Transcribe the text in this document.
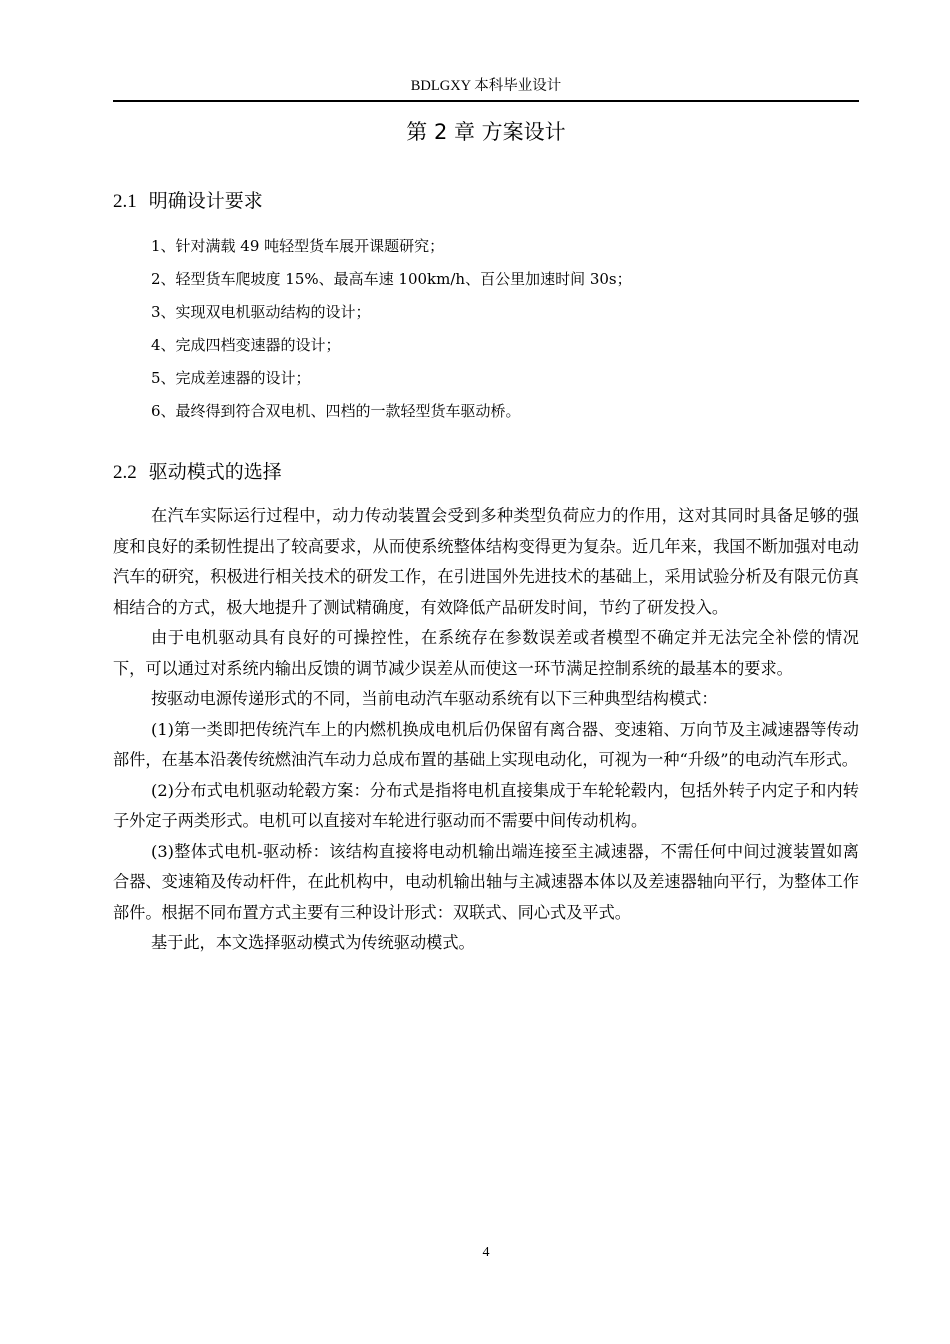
BDLGXY 本科毕业设计
第 2 章 方案设计
2.1 明确设计要求
1、针对满载 49 吨轻型货车展开课题研究；
2、轻型货车爬坡度 15%、最高车速 100km/h、百公里加速时间 30s；
3、实现双电机驱动结构的设计；
4、完成四档变速器的设计；
5、完成差速器的设计；
6、最终得到符合双电机、四档的一款轻型货车驱动桥。
2.2 驱动模式的选择

在汽车实际运行过程中，动力传动装置会受到多种类型负荷应力的作用，这对其同时具备足够的强度和良好的柔韧性提出了较高要求，从而使系统整体结构变得更为复杂。近几年来，我国不断加强对电动汽车的研究，积极进行相关技术的研发工作，在引进国外先进技术的基础上，采用试验分析及有限元仿真相结合的方式，极大地提升了测试精确度，有效降低产品研发时间，节约了研发投入。

由于电机驱动具有良好的可操控性，在系统存在参数误差或者模型不确定并无法完全补偿的情况下，可以通过对系统内输出反馈的调节减少误差从而使这一环节满足控制系统的最基本的要求。

按驱动电源传递形式的不同，当前电动汽车驱动系统有以下三种典型结构模式：

(1)第一类即把传统汽车上的内燃机换成电机后仍保留有离合器、变速箱、万向节及主减速器等传动部件，在基本沿袭传统燃油汽车动力总成布置的基础上实现电动化，可视为一种“升级”的电动汽车形式。

(2)分布式电机驱动轮毂方案：分布式是指将电机直接集成于车轮轮毂内，包括外转子内定子和内转子外定子两类形式。电机可以直接对车轮进行驱动而不需要中间传动机构。

(3)整体式电机-驱动桥：该结构直接将电动机输出端连接至主减速器，不需任何中间过渡装置如离合器、变速箱及传动杆件，在此机构中，电动机输出轴与主减速器本体以及差速器轴向平行，为整体工作部件。根据不同布置方式主要有三种设计形式：双联式、同心式及平式。

基于此，本文选择驱动模式为传统驱动模式。

4
